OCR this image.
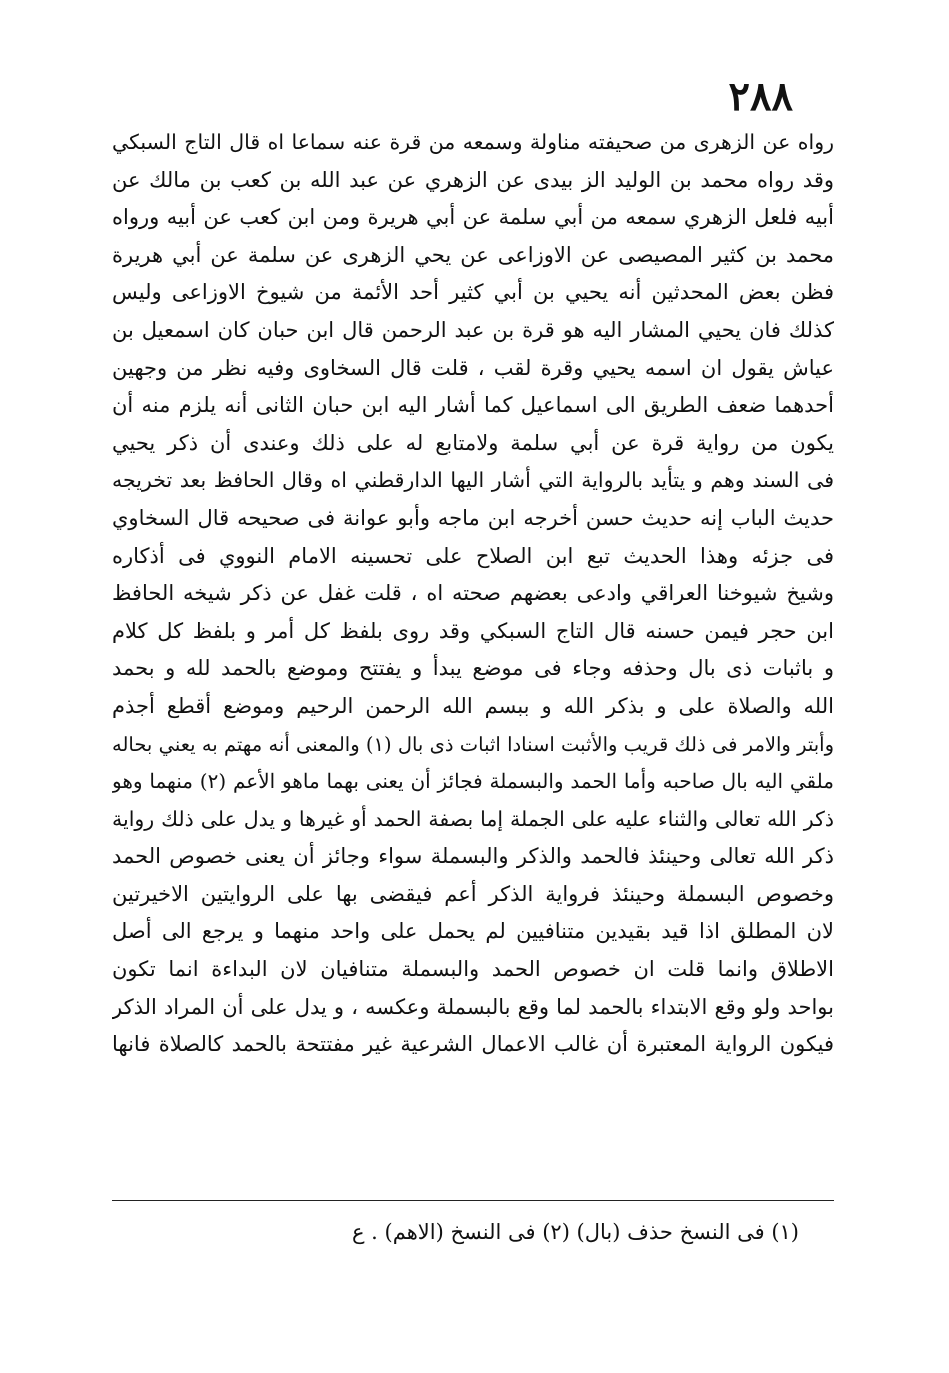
٢٨٨
رواه عن الزهرى من صحيفته مناولة وسمعه من قرة عنه سماعا اه قال التاج السبكي
وقد رواه محمد بن الوليد الز بيدى عن الزهري عن عبد الله بن كعب بن مالك عن
أبيه فلعل الزهري سمعه من أبي سلمة عن أبي هريرة ومن ابن كعب عن أبيه ورواه
محمد بن كثير المصيصى عن الاوزاعى عن يحي الزهرى عن سلمة عن أبي هريرة
فظن بعض المحدثين أنه يحيي بن أبي كثير أحد الأئمة من شيوخ الاوزاعى وليس
كذلك فان يحيي المشار اليه هو قرة بن عبد الرحمن قال ابن حبان كان اسمعيل بن
عياش يقول ان اسمه يحيي وقرة لقب ، قلت قال السخاوى وفيه نظر من وجهين
أحدهما ضعف الطريق الى اسماعيل كما أشار اليه ابن حبان الثانى أنه يلزم منه أن
يكون من رواية قرة عن أبي سلمة ولامتابع له على ذلك وعندى أن ذكر يحيي
فى السند وهم و يتأيد بالرواية التي أشار اليها الدارقطني اه وقال الحافظ بعد تخريجه
حديث الباب إنه حديث حسن أخرجه ابن ماجه وأبو عوانة فى صحيحه قال السخاوي
فى جزئه وهذا الحديث تبع ابن الصلاح على تحسينه الامام النووي فى أذكاره
وشيخ شيوخنا العراقي وادعى بعضهم صحته اه ، قلت غفل عن ذكر شيخه الحافظ
ابن حجر فيمن حسنه قال التاج السبكي وقد روى بلفظ كل أمر و بلفظ كل كلام
و باثبات ذى بال وحذفه وجاء فى موضع يبدأ و يفتتح وموضع بالحمد لله و بحمد
الله والصلاة على و بذكر الله و ببسم الله الرحمن الرحيم وموضع أقطع أجذم
وأبتر والامر فى ذلك قريب والأثبت اسنادا اثبات ذى بال (١) والمعنى أنه مهتم به يعني بحاله
ملقي اليه بال صاحبه وأما الحمد والبسملة فجائز أن يعنى بهما ماهو الأعم (٢) منهما وهو
ذكر الله تعالى والثناء عليه على الجملة إما بصفة الحمد أو غيرها و يدل على ذلك رواية
ذكر الله تعالى وحينئذ فالحمد والذكر والبسملة سواء وجائز أن يعنى خصوص الحمد
وخصوص البسملة وحينئذ فرواية الذكر أعم فيقضى بها على الروايتين الاخيرتين
لان المطلق اذا قيد بقيدين متنافيين لم يحمل على واحد منهما و يرجع الى أصل
الاطلاق وانما قلت ان خصوص الحمد والبسملة متنافيان لان البداءة انما تكون
بواحد ولو وقع الابتداء بالحمد لما وقع بالبسملة وعكسه ، و يدل على أن المراد الذكر
فيكون الرواية المعتبرة أن غالب الاعمال الشرعية غير مفتتحة بالحمد كالصلاة فانها
(١) فى النسخ حذف (بال) (٢) فى النسخ (الاهم) . ع
